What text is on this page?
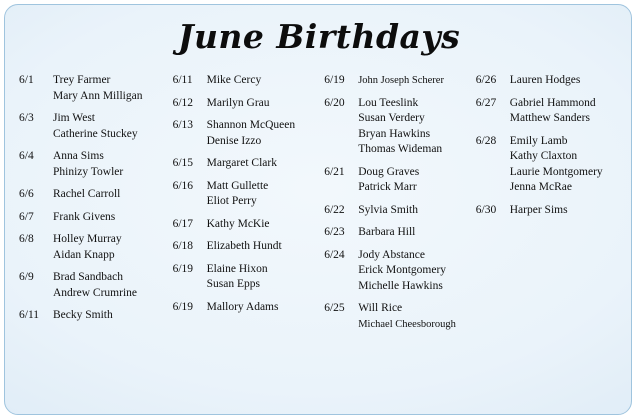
June Birthdays
6/1	Trey Farmer
Mary Ann Milligan
6/3	Jim West
Catherine Stuckey
6/4	Anna Sims
Phinizy Towler
6/6	Rachel Carroll
6/7	Frank Givens
6/8	Holley Murray
Aidan Knapp
6/9	Brad Sandbach
Andrew Crumrine
6/11	Becky Smith
6/11	Mike Cercy
6/12	Marilyn Grau
6/13	Shannon McQueen
Denise Izzo
6/15	Margaret Clark
6/16	Matt Gullette
Eliot Perry
6/17	Kathy McKie
6/18	Elizabeth Hundt
6/19	Elaine Hixon
Susan Epps
6/19	Mallory Adams
6/19	John Joseph Scherer
6/20	Lou Teeslink
Susan Verdery
Bryan Hawkins
Thomas Wideman
6/21	Doug Graves
Patrick Marr
6/22	Sylvia Smith
6/23	Barbara Hill
6/24	Jody Abstance
Erick Montgomery
Michelle Hawkins
6/25	Will Rice
Michael Cheesborough
6/26	Lauren Hodges
6/27	Gabriel Hammond
Matthew Sanders
6/28	Emily Lamb
Kathy Claxton
Laurie Montgomery
Jenna McRae
6/30	Harper Sims
